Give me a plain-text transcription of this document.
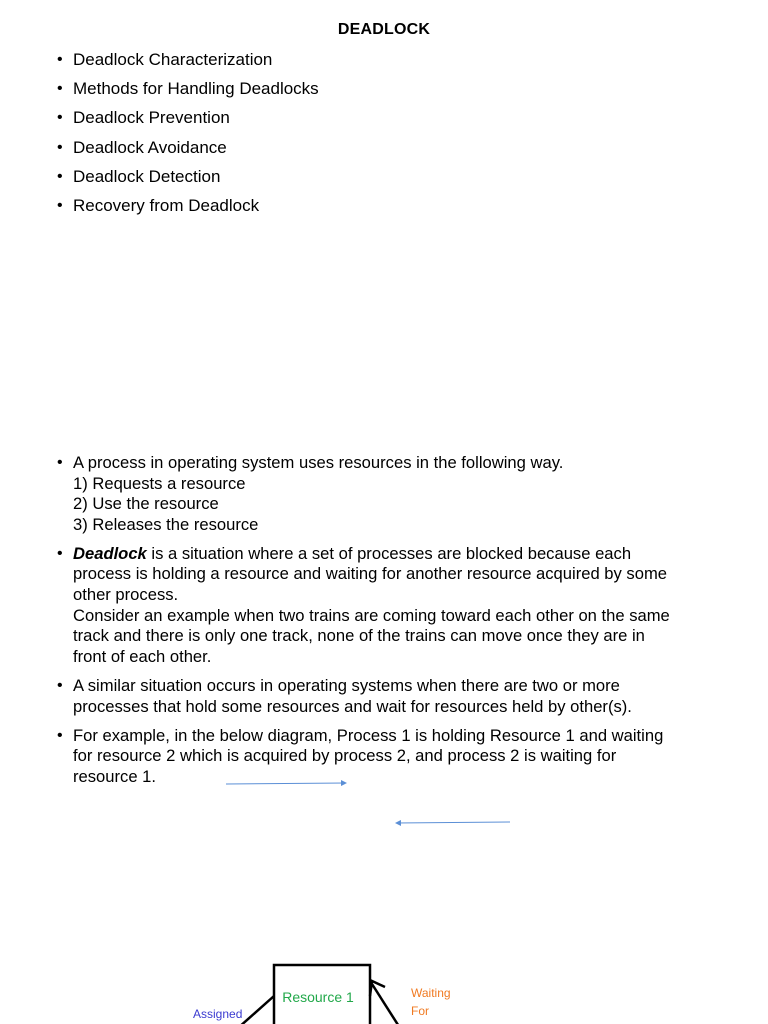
DEADLOCK
• Deadlock Characterization
• Methods for Handling Deadlocks
• Deadlock Prevention
• Deadlock Avoidance
• Deadlock Detection
• Recovery from Deadlock
• A process in operating system uses resources in the following way.
1) Requests a resource
2) Use the resource
3) Releases the resource
• Deadlock is a situation where a set of processes are blocked because each
process is holding a resource and waiting for another resource acquired by some
other process.
Consider an example when two trains are coming toward each other on the same
track and there is only one track, none of the trains can move once they are in
front of each other.
• A similar situation occurs in operating systems when there are two or more
processes that hold some resources and wait for resources held by other(s).
• For example, in the below diagram, Process 1 is holding Resource 1 and waiting
for resource 2 which is acquired by process 2, and process 2 is waiting for
resource 1.
Resource 1
Assigned
Waiting
For
